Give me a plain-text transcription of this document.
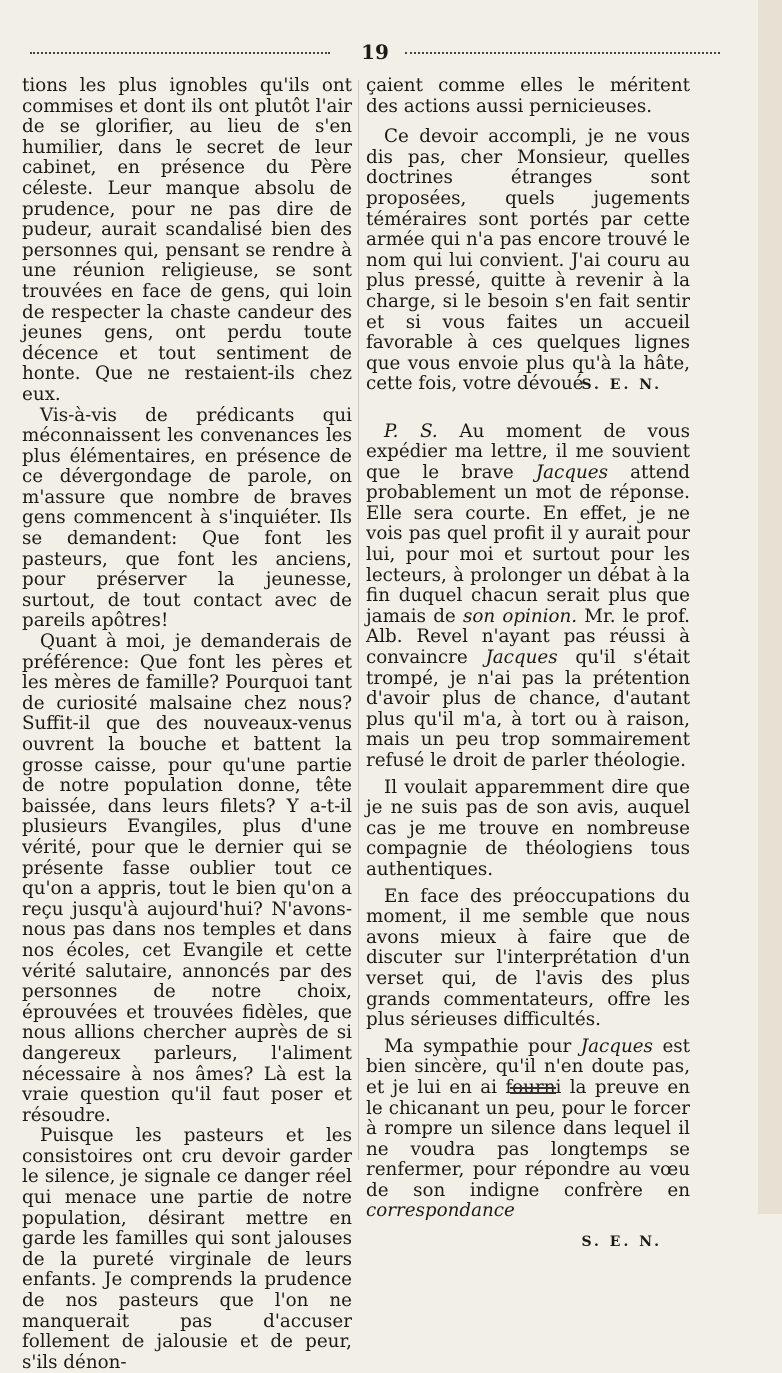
19

tions les plus ignobles qu'ils ont commises et dont ils ont plutôt l'air de se glorifier, au lieu de s'en humilier, dans le secret de leur cabinet, en présence du Père céleste. Leur manque absolu de prudence, pour ne pas dire de pudeur, aurait scandalisé bien des personnes qui, pensant se rendre à une réunion religieuse, se sont trouvées en face de gens, qui loin de respecter la chaste candeur des jeunes gens, ont perdu toute décence et tout sentiment de honte. Que ne restaient-ils chez eux.

Vis-à-vis de prédicants qui méconnaissent les convenances les plus élémentaires, en présence de ce dévergondage de parole, on m'assure que nombre de braves gens commencent à s'inquiéter. Ils se demandent: Que font les pasteurs, que font les anciens, pour préserver la jeunesse, surtout, de tout contact avec de pareils apôtres!

Quant à moi, je demanderais de préférence: Que font les pères et les mères de famille? Pourquoi tant de curiosité malsaine chez nous? Suffit-il que des nouveaux-venus ouvrent la bouche et battent la grosse caisse, pour qu'une partie de notre population donne, tête baissée, dans leurs filets? Y a-t-il plusieurs Evangiles, plus d'une vérité, pour que le dernier qui se présente fasse oublier tout ce qu'on a appris, tout le bien qu'on a reçu jusqu'à aujourd'hui? N'avons-nous pas dans nos temples et dans nos écoles, cet Evangile et cette vérité salutaire, annoncés par des personnes de notre choix, éprouvées et trouvées fidèles, que nous allions chercher auprès de si dangereux parleurs, l'aliment nécessaire à nos âmes? Là est la vraie question qu'il faut poser et résoudre.

Puisque les pasteurs et les consistoires ont cru devoir garder le silence, je signale ce danger réel qui menace une partie de notre population, désirant mettre en garde les familles qui sont jalouses de la pureté virginale de leurs enfants. Je comprends la prudence de nos pasteurs que l'on ne manquerait pas d'accuser follement de jalousie et de peur, s'ils dénon-

çaient comme elles le méritent des actions aussi pernicieuses.

Ce devoir accompli, je ne vous dis pas, cher Monsieur, quelles doctrines étranges sont proposées, quels jugements téméraires sont portés par cette armée qui n'a pas encore trouvé le nom qui lui convient. J'ai couru au plus pressé, quitte à revenir à la charge, si le besoin s'en fait sentir et si vous faites un accueil favorable à ces quelques lignes que vous envoie plus qu'à la hâte, cette fois, votre dévoué

S. E. N.

P. S. Au moment de vous expédier ma lettre, il me souvient que le brave Jacques attend probablement un mot de réponse. Elle sera courte. En effet, je ne vois pas quel profit il y aurait pour lui, pour moi et surtout pour les lecteurs, à prolonger un débat à la fin duquel chacun serait plus que jamais de son opinion. Mr. le prof. Alb. Revel n'ayant pas réussi à convaincre Jacques qu'il s'était trompé, je n'ai pas la prétention d'avoir plus de chance, d'autant plus qu'il m'a, à tort ou à raison, mais un peu trop sommairement refusé le droit de parler théologie.

Il voulait apparemment dire que je ne suis pas de son avis, auquel cas je me trouve en nombreuse compagnie de théologiens tous authentiques.

En face des préoccupations du moment, il me semble que nous avons mieux à faire que de discuter sur l'interprétation d'un verset qui, de l'avis des plus grands commentateurs, offre les plus sérieuses difficultés.

Ma sympathie pour Jacques est bien sincère, qu'il n'en doute pas, et je lui en ai fourni la preuve en le chicanant un peu, pour le forcer à rompre un silence dans lequel il ne voudra pas longtemps se renfermer, pour répondre au vœu de son indigne confrère en correspondance

S. E. N.
